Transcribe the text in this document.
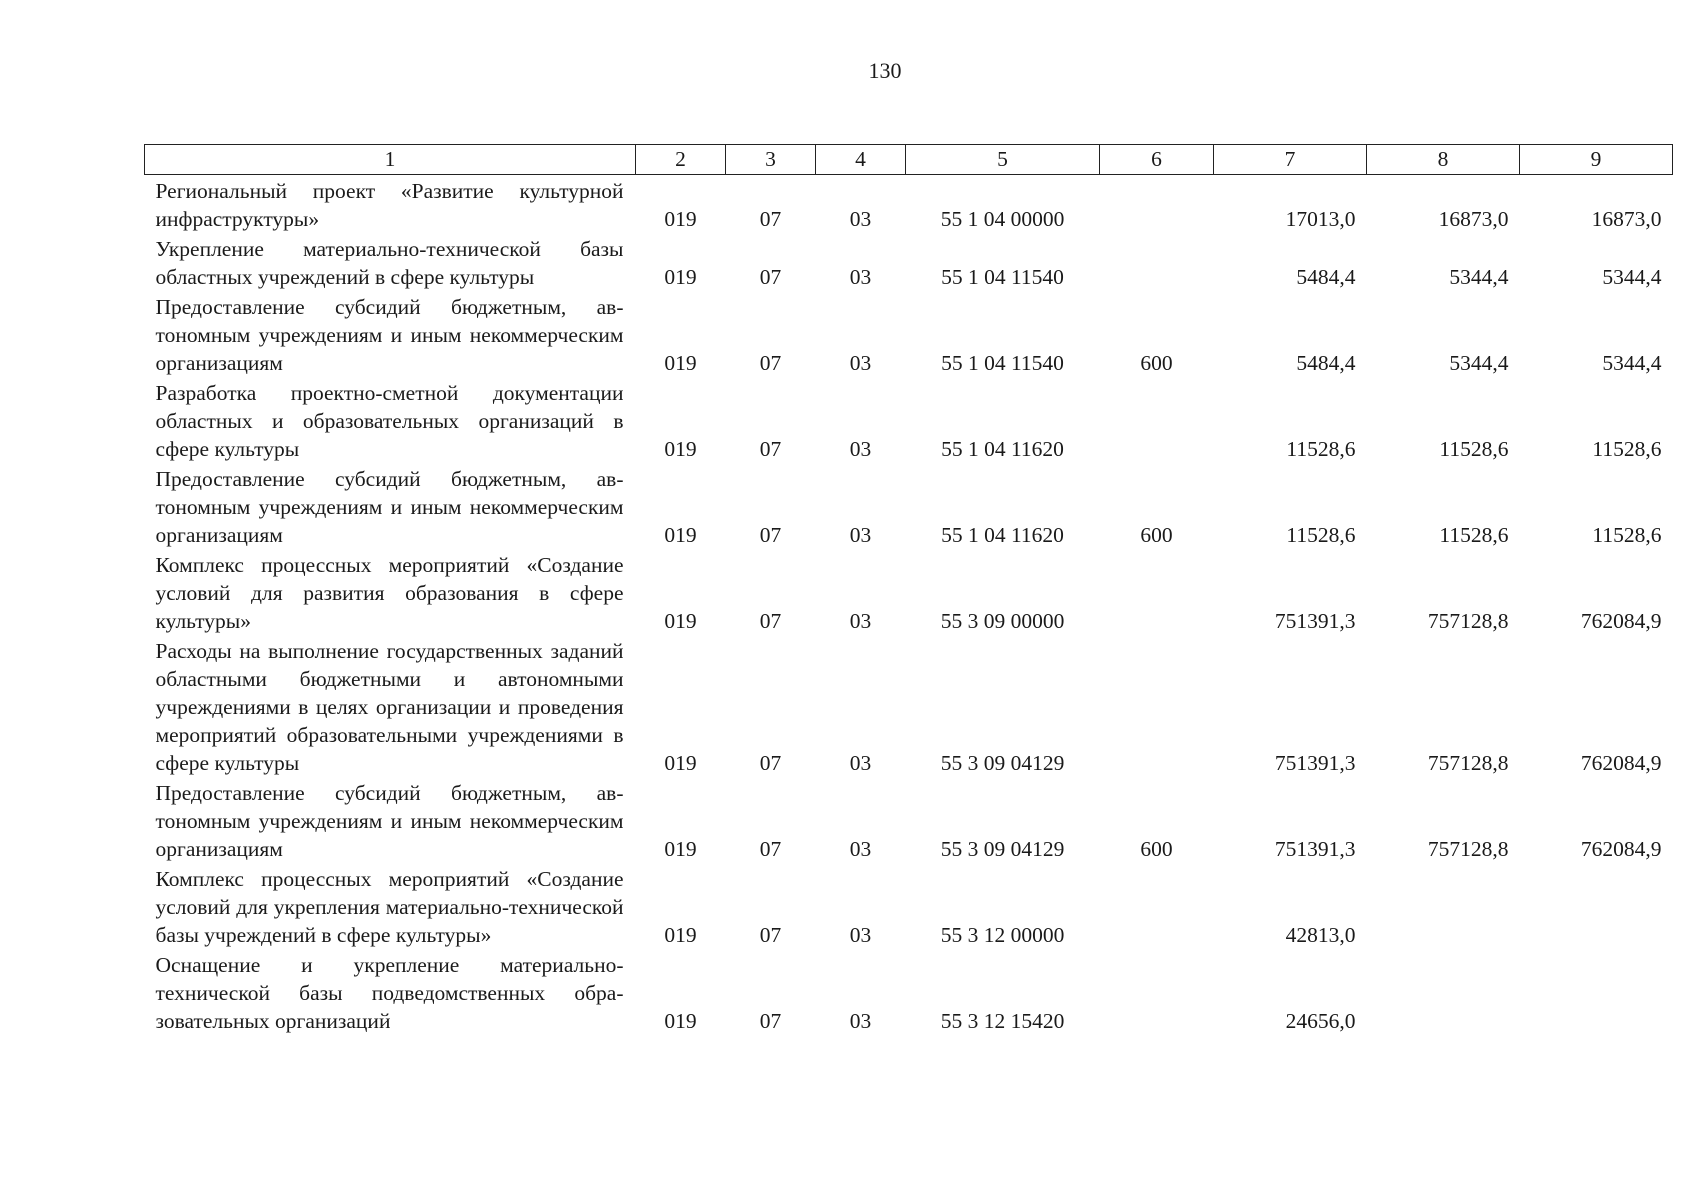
130
1	2	3	4	5	6	7	8	9
Региональный проект «Развитие культурной инфраструктуры»	019	07	03	55 1 04 00000		17013,0	16873,0	16873,0
Укрепление материально-технической базы областных учреждений в сфере культуры	019	07	03	55 1 04 11540		5484,4	5344,4	5344,4
Предоставление субсидий бюджетным, автономным учреждениям и иным некоммерческим организациям	019	07	03	55 1 04 11540	600	5484,4	5344,4	5344,4
Разработка проектно-сметной документации областных и образовательных организаций в сфере культуры	019	07	03	55 1 04 11620		11528,6	11528,6	11528,6
Предоставление субсидий бюджетным, автономным учреждениям и иным некоммерческим организациям	019	07	03	55 1 04 11620	600	11528,6	11528,6	11528,6
Комплекс процессных мероприятий «Создание условий для развития образования в сфере культуры»	019	07	03	55 3 09 00000		751391,3	757128,8	762084,9
Расходы на выполнение государственных заданий областными бюджетными и автономными учреждениями в целях организации и проведения мероприятий образовательными учреждениями в сфере культуры	019	07	03	55 3 09 04129		751391,3	757128,8	762084,9
Предоставление субсидий бюджетным, автономным учреждениям и иным некоммерческим организациям	019	07	03	55 3 09 04129	600	751391,3	757128,8	762084,9
Комплекс процессных мероприятий «Создание условий для укрепления материально-технической базы учреждений в сфере культуры»	019	07	03	55 3 12 00000		42813,0		
Оснащение и укрепление материально-технической базы подведомственных образовательных организаций	019	07	03	55 3 12 15420		24656,0		
